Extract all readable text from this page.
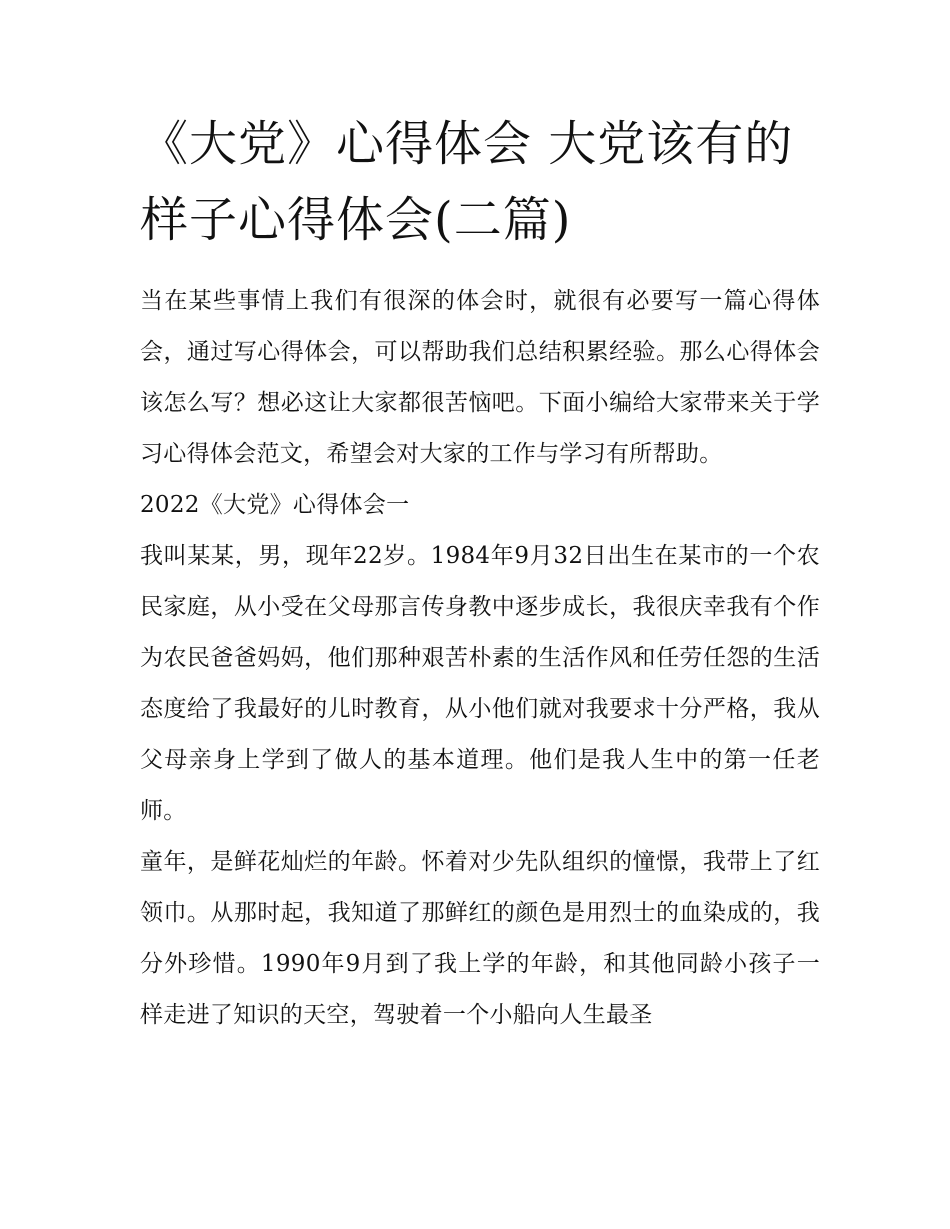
《大党》心得体会 大党该有的样子心得体会(二篇)

当在某些事情上我们有很深的体会时，就很有必要写一篇心得体会，通过写心得体会，可以帮助我们总结积累经验。那么心得体会该怎么写？想必这让大家都很苦恼吧。下面小编给大家带来关于学习心得体会范文，希望会对大家的工作与学习有所帮助。

2022《大党》心得体会一

我叫某某，男，现年22岁。1984年9月32日出生在某市的一个农民家庭，从小受在父母那言传身教中逐步成长，我很庆幸我有个作为农民爸爸妈妈，他们那种艰苦朴素的生活作风和任劳任怨的生活态度给了我最好的儿时教育，从小他们就对我要求十分严格，我从父母亲身上学到了做人的基本道理。他们是我人生中的第一任老师。

童年，是鲜花灿烂的年龄。怀着对少先队组织的憧憬，我带上了红领巾。从那时起，我知道了那鲜红的颜色是用烈士的血染成的，我分外珍惜。1990年9月到了我上学的年龄，和其他同龄小孩子一样走进了知识的天空，驾驶着一个小船向人生最圣
